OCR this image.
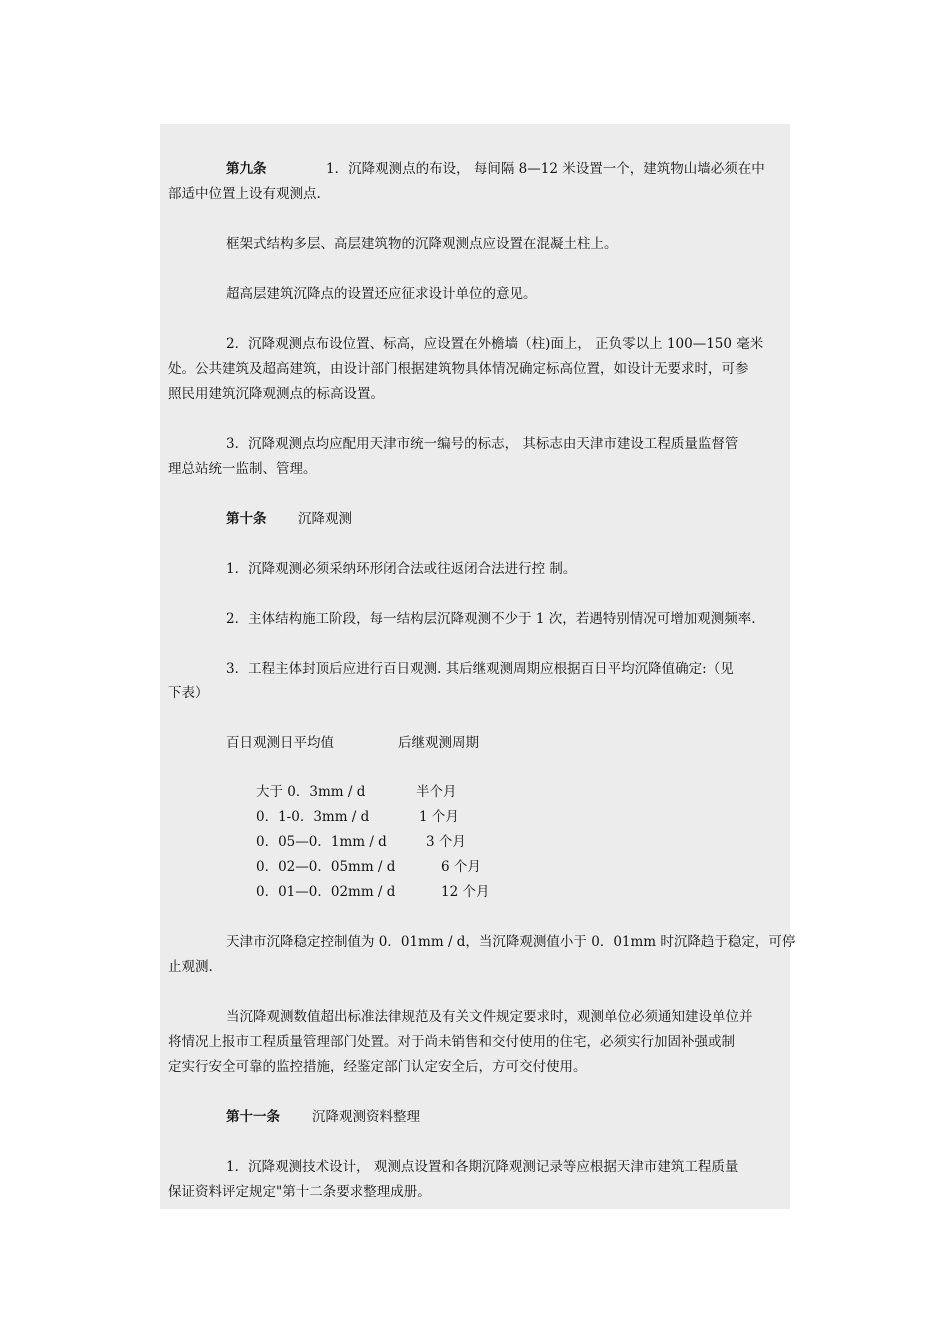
第九条	1．沉降观测点的布设， 每间隔 8—12 米设置一个，建筑物山墙必须在中
部适中位置上设有观测点.
框架式结构多层、高层建筑物的沉降观测点应设置在混凝土柱上。
超高层建筑沉降点的设置还应征求设计单位的意见。
2．沉降观测点布设位置、标高，应设置在外檐墙（柱)面上， 正负零以上 100—150 毫米
处。公共建筑及超高建筑，由设计部门根据建筑物具体情况确定标高位置，如设计无要求时，可参
照民用建筑沉降观测点的标高设置。
3．沉降观测点均应配用天津市统一编号的标志， 其标志由天津市建设工程质量监督管
理总站统一监制、管理。
第十条 沉降观测
1．沉降观测必须采纳环形闭合法或往返闭合法进行控 制。
2．主体结构施工阶段，每一结构层沉降观测不少于 1 次，若遇特别情况可增加观测频率.
3．工程主体封顶后应进行百日观测. 其后继观测周期应根据百日平均沉降值确定:（见
下表）
百日观测日平均值	后继观测周期
大于 0．3mm / d	半个月
0．1-0．3mm / d	1 个月
0．05—0．1mm / d	3 个月
0．02—0．05mm / d	6 个月
0．01—0．02mm / d	12 个月
天津市沉降稳定控制值为 0．01mm / d，当沉降观测值小于 0．01mm 时沉降趋于稳定，可停
止观测.
当沉降观测数值超出标准法律规范及有关文件规定要求时，观测单位必须通知建设单位并
将情况上报市工程质量管理部门处置。对于尚未销售和交付使用的住宅，必须实行加固补强或制
定实行安全可靠的监控措施，经鉴定部门认定安全后，方可交付使用。
第十一条 沉降观测资料整理
1．沉降观测技术设计， 观测点设置和各期沉降观测记录等应根据天津市建筑工程质量
保证资料评定规定"第十二条要求整理成册。
